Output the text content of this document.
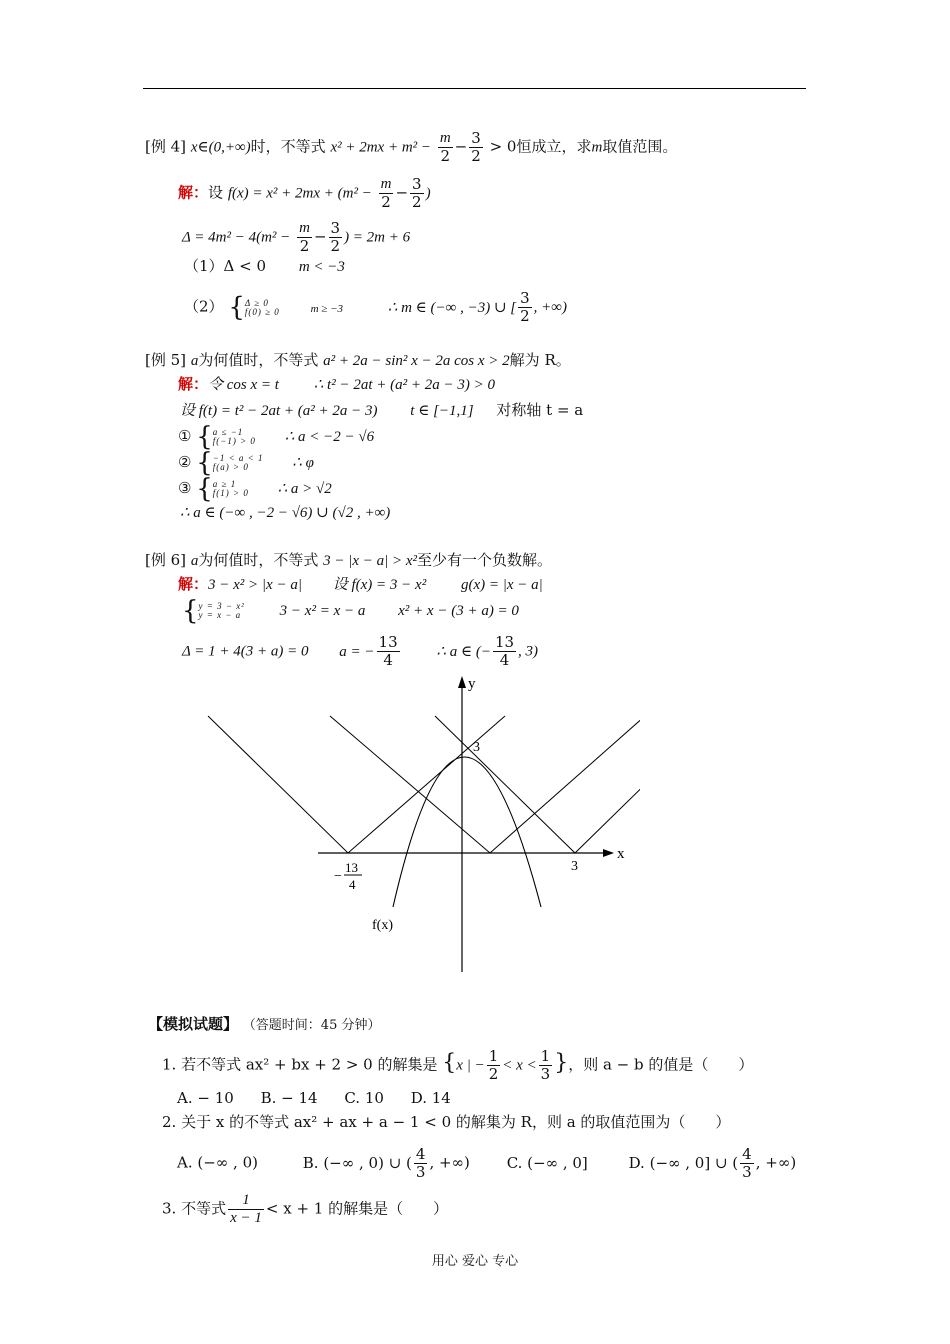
[例 4] x∈(0,+∞)时，不等式 $x^2 + 2mx + m^2 - \frac{m}{2} - \frac{3}{2} > 0$恒成立，求m取值范围。
解：设 $f(x) = x^2 + 2mx + (m^2 - \frac{m}{2} - \frac{3}{2}$ )
$\Delta = 4m^2 - 4(m^2 - \frac{m}{2} - \frac{3}{2}$ ) = 2m + 6
（1）Δ < 0 m < −3
（2） { Δ ≥ 0
f(0) ≥ 0	m ≥ −3	∴ m ∈ (−∞ , −3) ∪ [ $\frac{3}{2}$ , +∞)
[例 5] a为何值时，不等式 a² + 2a − sin² x − 2a cos x > 2解为 R。
解：令 cos x = t ∴ t² − 2at + (a² + 2a − 3) > 0
设 f(t) = t² − 2at + (a² + 2a − 3) t ∈ [−1,1] 对称轴 t = a
① { a ≤ −1
f(−1) > 0 ∴ a < −2 − √6
② { −1 < a < 1
f(a) > 0	∴ φ
③ { a ≥ 1
f(1) > 0 ∴ a > √2
∴ a ∈ (−∞ , −2 − √6) ∪ (√2 , +∞)
[例 6] a为何值时，不等式 3 − |x − a| > x²至少有一个负数解。
解：3 − x² > |x − a| 设 f(x) = 3 − x² g(x) = |x − a|
{ y = 3 − x²
y = x − a	3 − x² = x − a x² + x − (3 + a) = 0
Δ = 1 + 4(3 + a) = 0 a = − $\frac{13}{4}$ ∴ a ∈ (− $\frac{13}{4}$ , 3)
y
x
3
3
−
13
4
f(x)
【模拟试题】 （答题时间：45 分钟）
1. 若不等式 ax² + bx + 2 > 0 的解集是 {x | − $\frac{1}{2} < x < \frac{1}{3}$ }，则 a − b 的值是（　　）
A. − 10 B. − 14 C. 10 D. 14
2. 关于 x 的不等式 ax² + ax + a − 1 < 0 的解集为 R，则 a 的取值范围为（　　）
A. (−∞ , 0)	B. (−∞ , 0) ∪ ( $\frac{4}{3}$ , +∞) C. (−∞ , 0]	D. (−∞ , 0] ∪ ( $\frac{4}{3}$ , +∞)
3. 不等式 $\frac{1}{x - 1} < x + 1$ 的解集是（　　）
用心 爱心 专心
